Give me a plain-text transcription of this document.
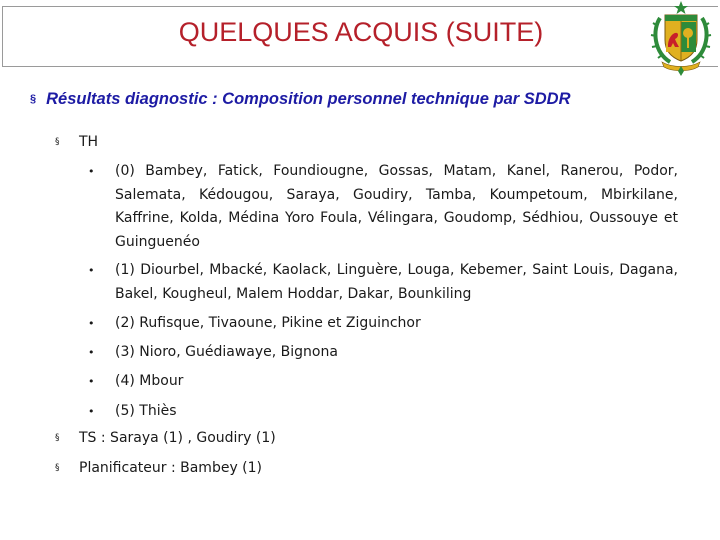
QUELQUES ACQUIS (SUITE)
§ Résultats diagnostic : Composition personnel technique par SDDR
§ TH
• (0) Bambey, Fatick, Foundiougne, Gossas, Matam, Kanel, Ranerou, Podor, Salemata, Kédougou, Saraya, Goudiry, Tamba, Koumpetoum, Mbirkilane, Kaffrine, Kolda, Médina Yoro Foula, Vélingara, Goudomp, Sédhiou, Oussouye et Guinguenéo
• (1) Diourbel, Mbacké, Kaolack, Linguère, Louga, Kebemer, Saint Louis, Dagana, Bakel, Kougheul, Malem Hoddar, Dakar, Bounkiling
• (2) Rufisque, Tivaoune, Pikine et Ziguinchor
• (3) Nioro, Guédiawaye, Bignona
• (4) Mbour
• (5) Thiès
§ TS : Saraya (1) , Goudiry (1)
§ Planificateur : Bambey (1)
